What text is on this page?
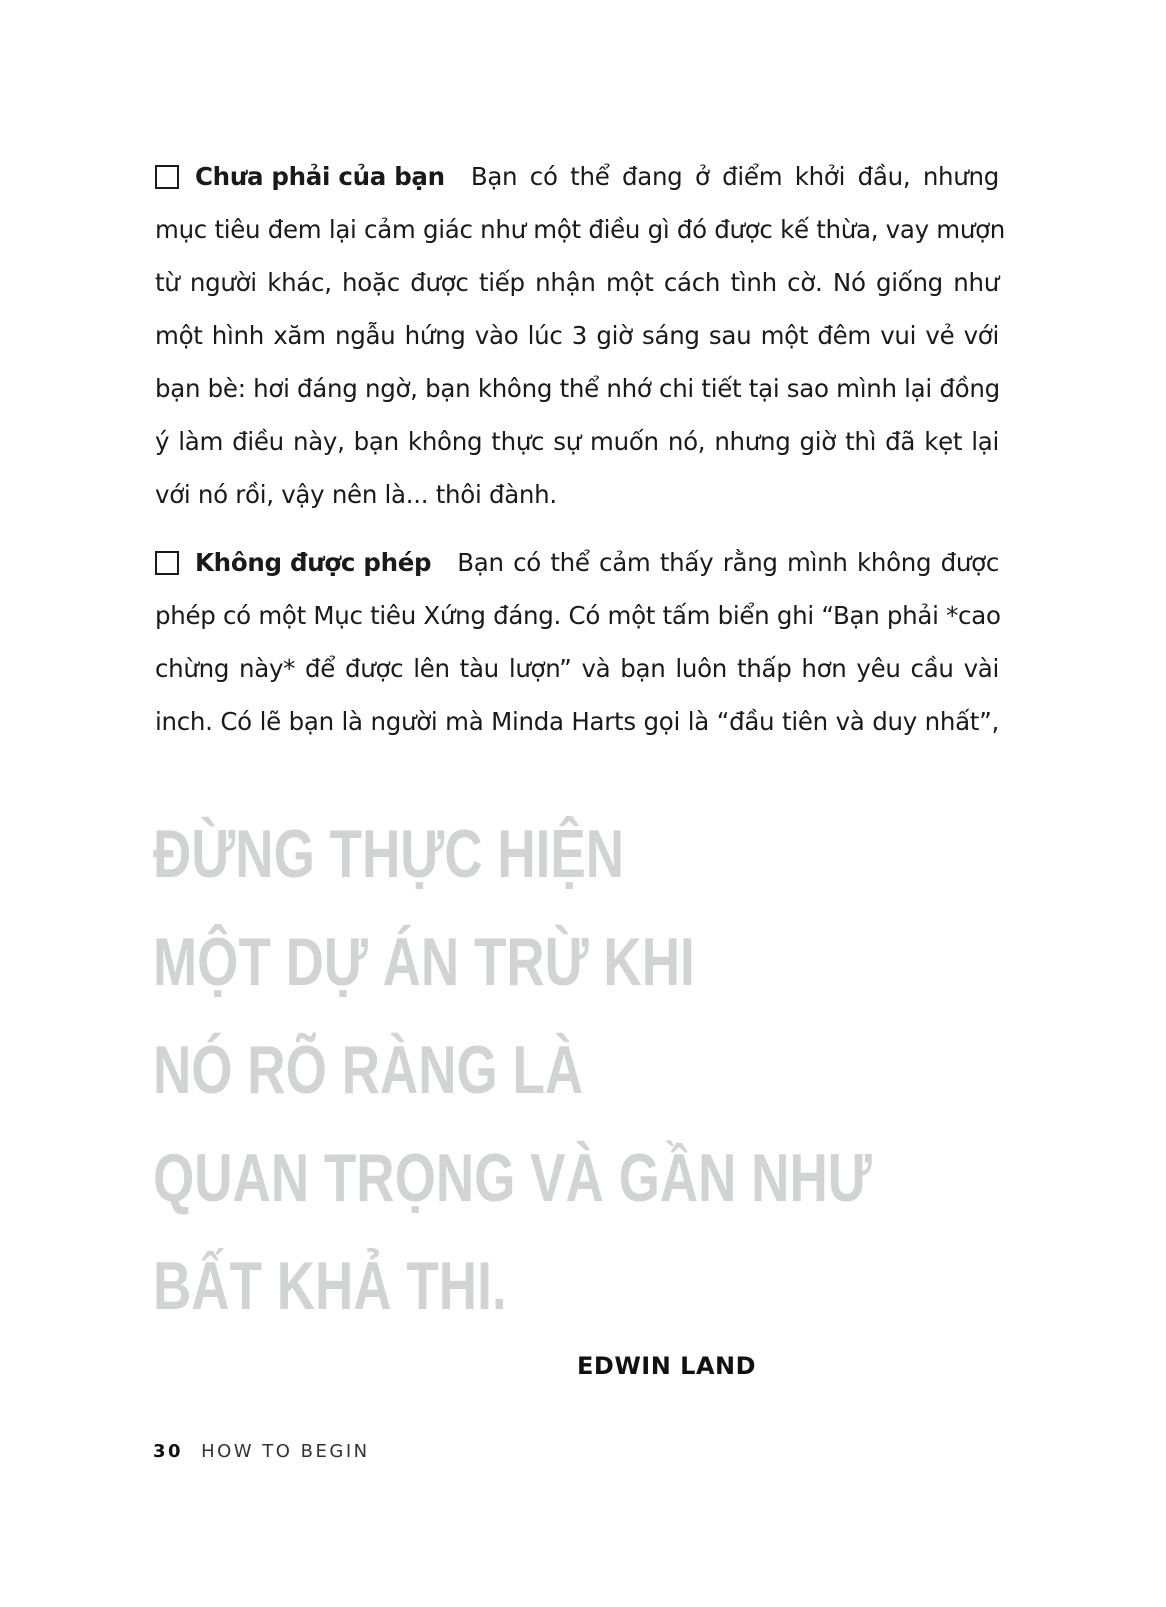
Chưa phải của bạn Bạn có thể đang ở điểm khởi đầu, nhưng
mục tiêu đem lại cảm giác như một điều gì đó được kế thừa, vay mượn
từ người khác, hoặc được tiếp nhận một cách tình cờ. Nó giống như
một hình xăm ngẫu hứng vào lúc 3 giờ sáng sau một đêm vui vẻ với
bạn bè: hơi đáng ngờ, bạn không thể nhớ chi tiết tại sao mình lại đồng
ý làm điều này, bạn không thực sự muốn nó, nhưng giờ thì đã kẹt lại
với nó rồi, vậy nên là... thôi đành.
Không được phép Bạn có thể cảm thấy rằng mình không được
phép có một Mục tiêu Xứng đáng. Có một tấm biển ghi “Bạn phải *cao
chừng này* để được lên tàu lượn” và bạn luôn thấp hơn yêu cầu vài
inch. Có lẽ bạn là người mà Minda Harts gọi là “đầu tiên và duy nhất”,
ĐỪNG THỰC HIỆN
MỘT DỰ ÁN TRỪ KHI
NÓ RÕ RÀNG LÀ
QUAN TRỌNG VÀ GẦN NHƯ
BẤT KHẢ THI.
EDWIN LAND
30 HOW TO BEGIN
